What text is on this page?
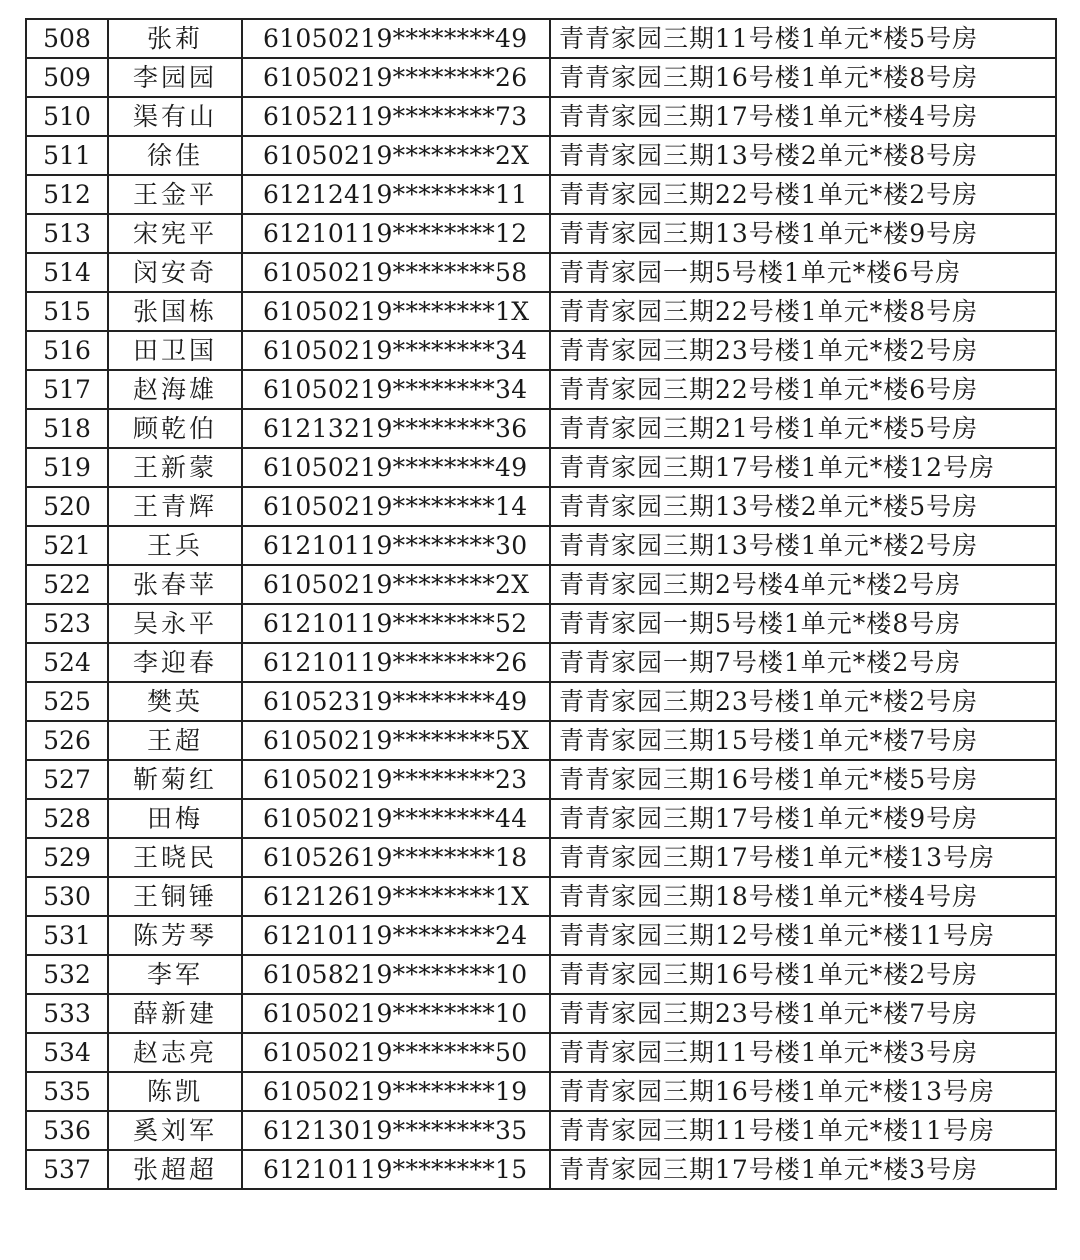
508	张莉	61050219********49	青青家园三期11号楼1单元*楼5号房
509	李园园	61050219********26	青青家园三期16号楼1单元*楼8号房
510	渠有山	61052119********73	青青家园三期17号楼1单元*楼4号房
511	徐佳	61050219********2X	青青家园三期13号楼2单元*楼8号房
512	王金平	61212419********11	青青家园三期22号楼1单元*楼2号房
513	宋宪平	61210119********12	青青家园三期13号楼1单元*楼9号房
514	闵安奇	61050219********58	青青家园一期5号楼1单元*楼6号房
515	张国栋	61050219********1X	青青家园三期22号楼1单元*楼8号房
516	田卫国	61050219********34	青青家园三期23号楼1单元*楼2号房
517	赵海雄	61050219********34	青青家园三期22号楼1单元*楼6号房
518	顾乾伯	61213219********36	青青家园三期21号楼1单元*楼5号房
519	王新蒙	61050219********49	青青家园三期17号楼1单元*楼12号房
520	王青辉	61050219********14	青青家园三期13号楼2单元*楼5号房
521	王兵	61210119********30	青青家园三期13号楼1单元*楼2号房
522	张春苹	61050219********2X	青青家园三期2号楼4单元*楼2号房
523	吴永平	61210119********52	青青家园一期5号楼1单元*楼8号房
524	李迎春	61210119********26	青青家园一期7号楼1单元*楼2号房
525	樊英	61052319********49	青青家园三期23号楼1单元*楼2号房
526	王超	61050219********5X	青青家园三期15号楼1单元*楼7号房
527	靳菊红	61050219********23	青青家园三期16号楼1单元*楼5号房
528	田梅	61050219********44	青青家园三期17号楼1单元*楼9号房
529	王晓民	61052619********18	青青家园三期17号楼1单元*楼13号房
530	王铜锤	61212619********1X	青青家园三期18号楼1单元*楼4号房
531	陈芳琴	61210119********24	青青家园三期12号楼1单元*楼11号房
532	李军	61058219********10	青青家园三期16号楼1单元*楼2号房
533	薛新建	61050219********10	青青家园三期23号楼1单元*楼7号房
534	赵志亮	61050219********50	青青家园三期11号楼1单元*楼3号房
535	陈凯	61050219********19	青青家园三期16号楼1单元*楼13号房
536	奚刘军	61213019********35	青青家园三期11号楼1单元*楼11号房
537	张超超	61210119********15	青青家园三期17号楼1单元*楼3号房
